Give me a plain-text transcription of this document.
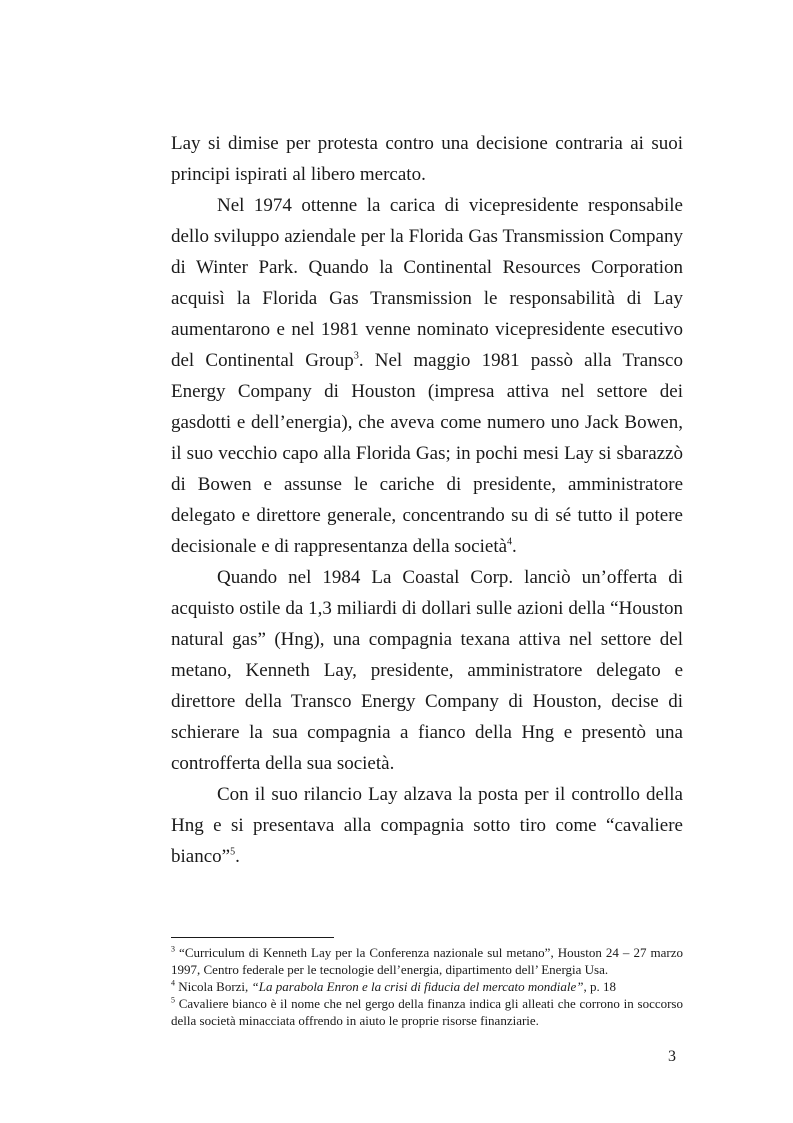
Lay si dimise per protesta contro una decisione contraria ai suoi principi ispirati al libero mercato.

Nel 1974 ottenne la carica di vicepresidente responsabile dello sviluppo aziendale per la Florida Gas Transmission Company di Winter Park. Quando la Continental Resources Corporation acquisì la Florida Gas Transmission le responsabilità di Lay aumentarono e nel 1981 venne nominato vicepresidente esecutivo del Continental Group$^3$. Nel maggio 1981 passò alla Transco Energy Company di Houston (impresa attiva nel settore dei gasdotti e dell’energia), che aveva come numero uno Jack Bowen, il suo vecchio capo alla Florida Gas; in pochi mesi Lay si sbarazzò di Bowen e assunse le cariche di presidente, amministratore delegato e direttore generale, concentrando su di sé tutto il potere decisionale e di rappresentanza della società$^4$.

Quando nel 1984 La Coastal Corp. lanciò un’offerta di acquisto ostile da 1,3 miliardi di dollari sulle azioni della “Houston natural gas” (Hng), una compagnia texana attiva nel settore del metano, Kenneth Lay, presidente, amministratore delegato e direttore della Transco Energy Company di Houston, decise di schierare la sua compagnia a fianco della Hng e presentò una controfferta della sua società.

Con il suo rilancio Lay alzava la posta per il controllo della Hng e si presentava alla compagnia sotto tiro come “cavaliere bianco”$^5$.

$^3$ “Curriculum di Kenneth Lay per la Conferenza nazionale sul metano”, Houston 24 – 27 marzo 1997, Centro federale per le tecnologie dell’energia, dipartimento dell’ Energia Usa.

$^4$ Nicola Borzi, “La parabola Enron e la crisi di fiducia del mercato mondiale”, p. 18

$^5$ Cavaliere bianco è il nome che nel gergo della finanza indica gli alleati che corrono in soccorso della società minacciata offrendo in aiuto le proprie risorse finanziarie.

3
